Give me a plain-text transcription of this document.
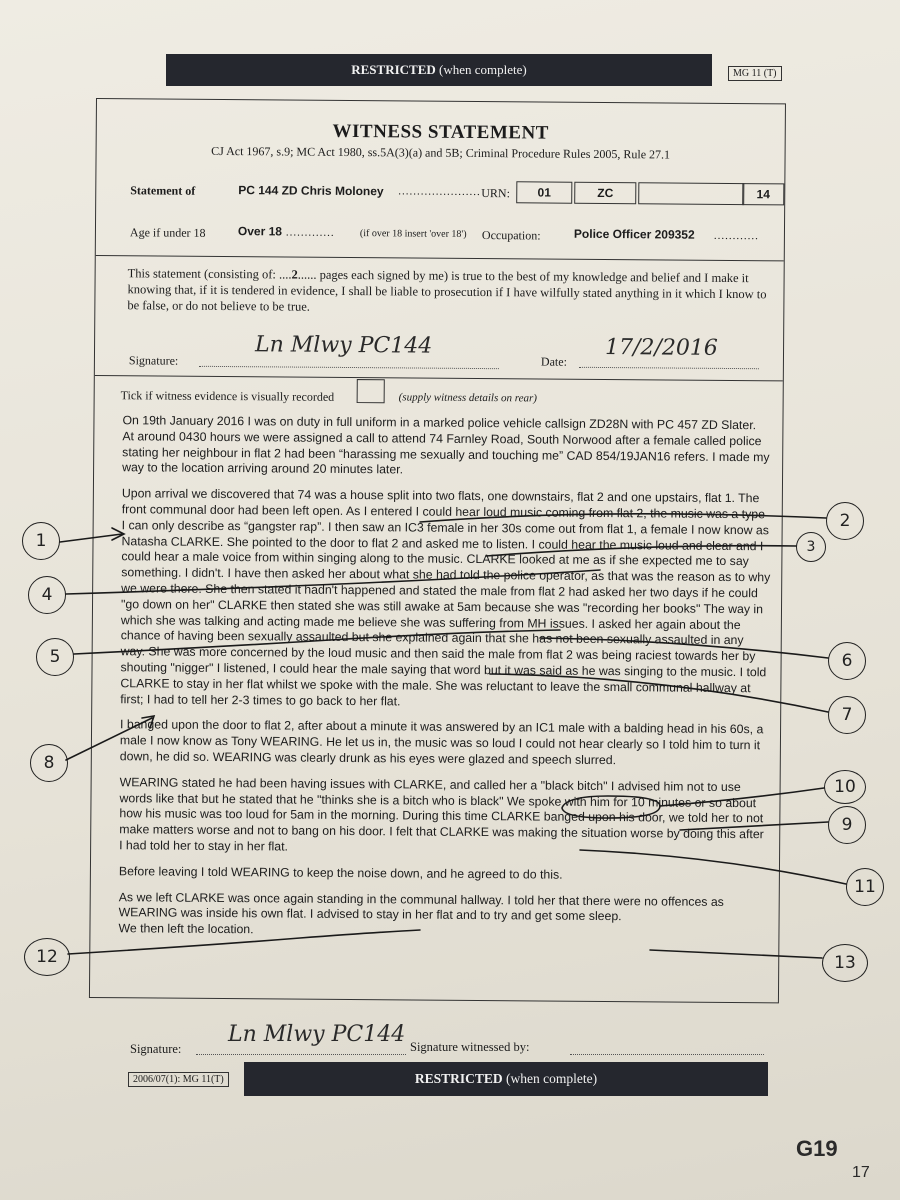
RESTRICTED (when complete)	MG 11 (T)
WITNESS STATEMENT
CJ Act 1967, s.9; MC Act 1980, ss.5A(3)(a) and 5B; Criminal Procedure Rules 2005, Rule 27.1
Statement of	PC 144 ZD Chris Moloney ...................... URN:	01	ZC	14
Age if under 18	Over 18 .............	(if over 18 insert 'over 18') Occupation:	Police Officer 209352 ............
This statement (consisting of: ....2...... pages each signed by me) is true to the best of my knowledge and belief and I make it knowing that, if it is tendered in evidence, I shall be liable to prosecution if I have wilfully stated anything in it which I know to be false, or do not believe to be true.
Signature:
Ln Mlwy PC144
Date:
17/2/2016
Tick if witness evidence is visually recorded	(supply witness details on rear)

On 19th January 2016 I was on duty in full uniform in a marked police vehicle callsign ZD28N with PC 457 ZD Slater.
At around 0430 hours we were assigned a call to attend 74 Farnley Road, South Norwood after a female called police stating her neighbour in flat 2 had been “harassing me sexually and touching me” CAD 854/19JAN16 refers. I made my way to the location arriving around 20 minutes later.

Upon arrival we discovered that 74 was a house split into two flats, one downstairs, flat 2 and one upstairs, flat 1. The front communal door had been left open. As I entered I could hear loud music coming from flat 2, the music was a type I can only describe as “gangster rap”. I then saw an IC3 female in her 30s come out from flat 1, a female I now know as Natasha CLARKE. She pointed to the door to flat 2 and asked me to listen. I could hear the music loud and clear and I could hear a male voice from within singing along to the music. CLARKE looked at me as if she expected me to say something. I didn't. I have then asked her about what she had told the police operator, as that was the reason as to why we were there. She then stated it hadn't happened and stated the male from flat 2 had asked her two days if he could "go down on her" CLARKE then stated she was still awake at 5am because she was "recording her books" The way in which she was talking and acting made me believe she was suffering from MH issues. I asked her again about the chance of having been sexually assaulted but she explained again that she has not been sexually assaulted in any way. She was more concerned by the loud music and then said the male from flat 2 was being raciest towards her by shouting "nigger" I listened, I could hear the male saying that word but it was said as he was singing to the music. I told CLARKE to stay in her flat whilst we spoke with the male. She was reluctant to leave the small communal hallway at first; I had to tell her 2-3 times to go back to her flat.

I banged upon the door to flat 2, after about a minute it was answered by an IC1 male with a balding head in his 60s, a male I now know as Tony WEARING. He let us in, the music was so loud I could not hear clearly so I told him to turn it down, he did so. WEARING was clearly drunk as his eyes were glazed and speech slurred.

WEARING stated he had been having issues with CLARKE, and called her a "black bitch" I advised him not to use words like that but he stated that he "thinks she is a bitch who is black" We spoke with him for 10 minutes or so about how his music was too loud for 5am in the morning. During this time CLARKE banged upon his door, we told her to not make matters worse and not to bang on his door. I felt that CLARKE was making the situation worse by doing this after I had told her to stay in her flat.

Before leaving I told WEARING to keep the noise down, and he agreed to do this.

As we left CLARKE was once again standing in the communal hallway. I told her that there were no offences as WEARING was inside his own flat. I advised to stay in her flat and to try and get some sleep.
We then left the location.

Signature:
Ln Mlwy PC144 Signature witnessed by:
2006/07(1): MG 11(T)	RESTRICTED (when complete)
1
2
3
4
5	6
7
8
9
10
11
12	13
G19
17
